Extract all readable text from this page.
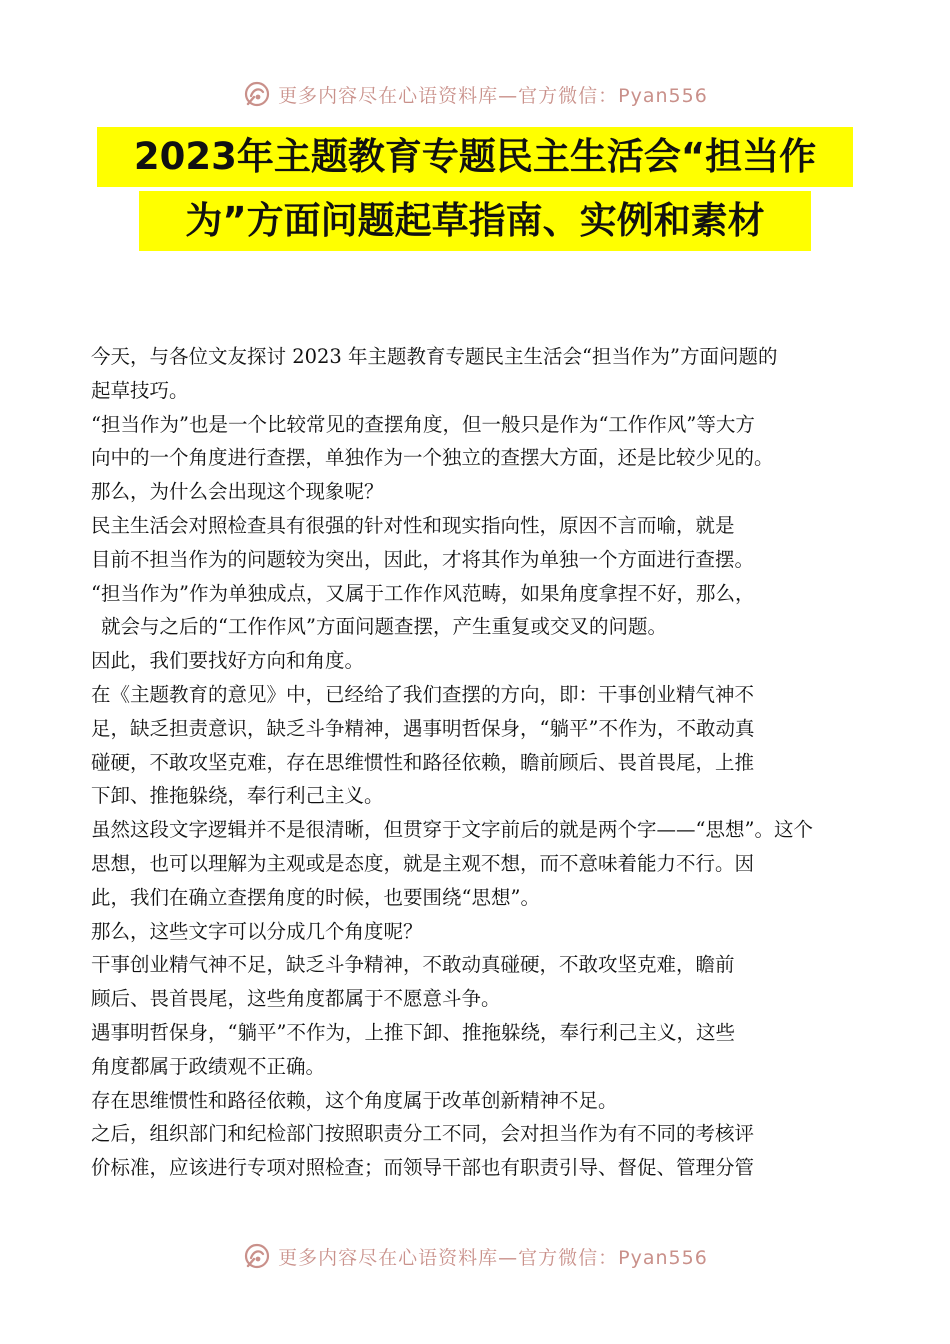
更多内容尽在心语资料库—官方微信：Pyan556
2023年主题教育专题民主生活会“担当作
为”方面问题起草指南、实例和素材
今天，与各位文友探讨 2023 年主题教育专题民主生活会“担当作为”方面问题的
起草技巧。
“担当作为”也是一个比较常见的查摆角度，但一般只是作为“工作作风”等大方
向中的一个角度进行查摆，单独作为一个独立的查摆大方面，还是比较少见的。
那么，为什么会出现这个现象呢？
民主生活会对照检查具有很强的针对性和现实指向性，原因不言而喻，就是
目前不担当作为的问题较为突出，因此，才将其作为单独一个方面进行查摆。
“担当作为”作为单独成点，又属于工作作风范畴，如果角度拿捏不好，那么，
就会与之后的“工作作风”方面问题查摆，产生重复或交叉的问题。
因此，我们要找好方向和角度。
在《主题教育的意见》中，已经给了我们查摆的方向，即：干事创业精气神不
足，缺乏担责意识，缺乏斗争精神，遇事明哲保身，“躺平”不作为，不敢动真
碰硬，不敢攻坚克难，存在思维惯性和路径依赖，瞻前顾后、畏首畏尾，上推
下卸、推拖躲绕，奉行利己主义。
虽然这段文字逻辑并不是很清晰，但贯穿于文字前后的就是两个字——“思想”。这个
思想，也可以理解为主观或是态度，就是主观不想，而不意味着能力不行。因
此，我们在确立查摆角度的时候，也要围绕“思想”。
那么，这些文字可以分成几个角度呢？
干事创业精气神不足，缺乏斗争精神，不敢动真碰硬，不敢攻坚克难，瞻前
顾后、畏首畏尾，这些角度都属于不愿意斗争。
遇事明哲保身，“躺平”不作为，上推下卸、推拖躲绕，奉行利己主义，这些
角度都属于政绩观不正确。
存在思维惯性和路径依赖，这个角度属于改革创新精神不足。
之后，组织部门和纪检部门按照职责分工不同，会对担当作为有不同的考核评
价标准，应该进行专项对照检查；而领导干部也有职责引导、督促、管理分管
更多内容尽在心语资料库—官方微信：Pyan556
